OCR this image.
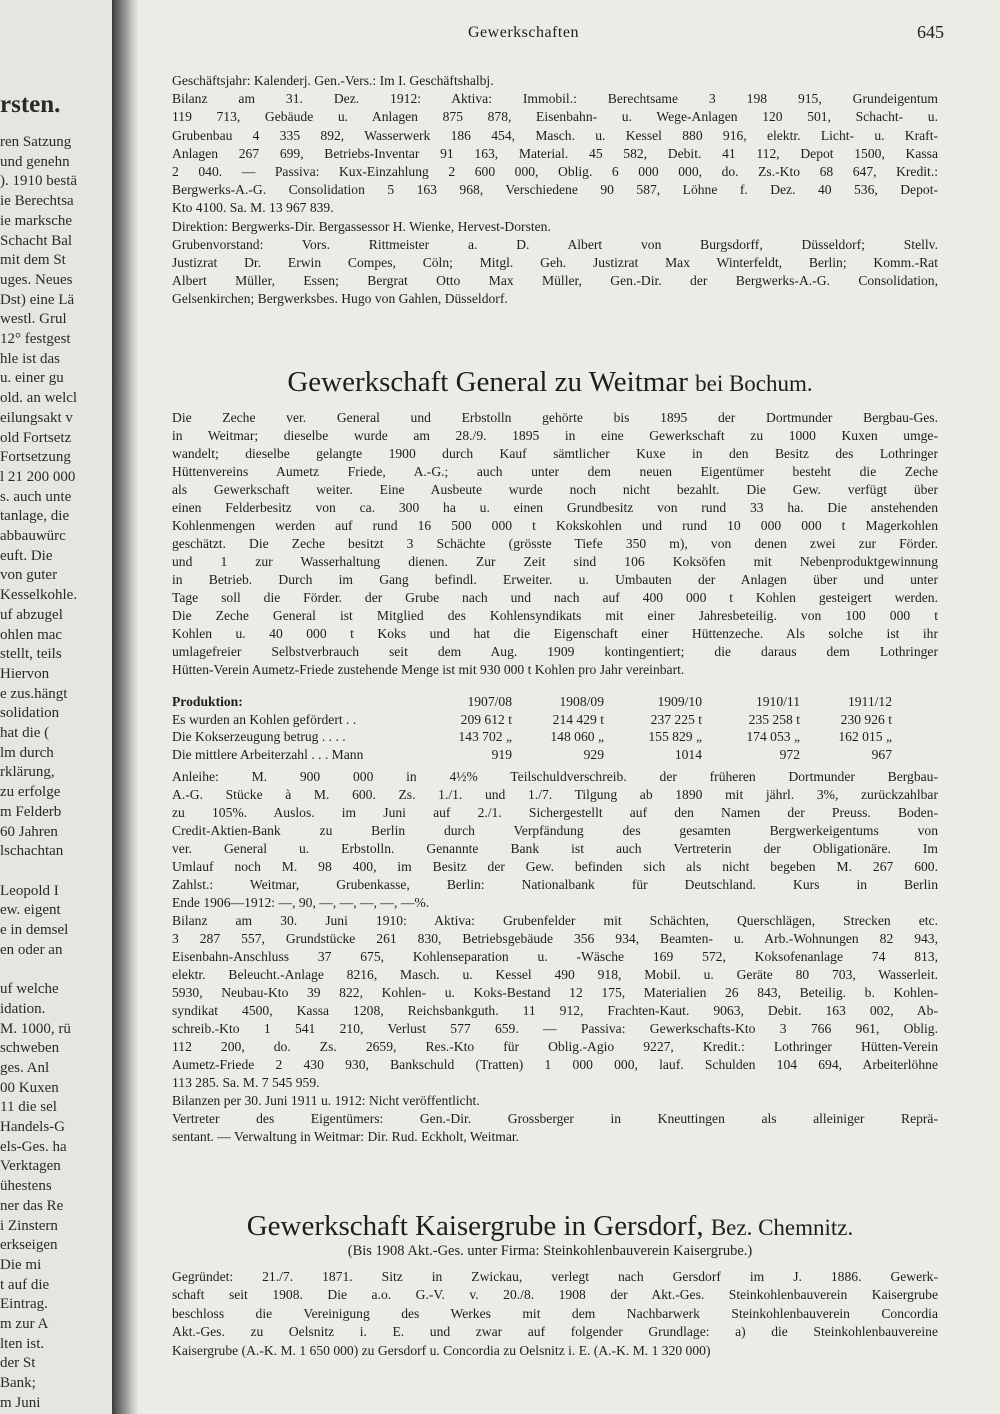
rsten.
ren Satzung
und genehn
). 1910 bestä
ie Berechtsa
ie marksche
Schacht Bal
mit dem St
uges. Neues
Dst) eine Lä
westl. Grul
12° festgest
hle ist das
u. einer gu
old. an welcl
eilungsakt v
old Fortsetz
Fortsetzung
l 21 200 000
s. auch unte
tanlage, die
abbauwürc
euft. Die
von guter
Kesselkohle.
uf abzugel
ohlen mac
stellt, teils
Hiervon
e zus.hängt
solidation
hat die (
lm durch
rklärung,
zu erfolge
m Felderb
60 Jahren
lschachtan
Leopold I
ew. eigent
e in demsel
en oder an
uf welche
idation.
M. 1000, rü
schweben
ges. Anl
00 Kuxen
11 die sel
Handels-G
els-Ges. ha
Verktagen
ühestens
ner das Re
i Zinstern
erkseigen
Die mi
t auf die
Eintrag.
m zur A
lten ist.
der St
Bank;
m Juni
Gewerkschaften	645
Geschäftsjahr: Kalenderj. Gen.-Vers.: Im I. Geschäftshalbj.
Bilanz am 31. Dez. 1912: Aktiva: Immobil.: Berechtsame 3 198 915, Grundeigentum
119 713, Gebäude u. Anlagen 875 878, Eisenbahn- u. Wege-Anlagen 120 501, Schacht- u.
Grubenbau 4 335 892, Wasserwerk 186 454, Masch. u. Kessel 880 916, elektr. Licht- u. Kraft-
Anlagen 267 699, Betriebs-Inventar 91 163, Material. 45 582, Debit. 41 112, Depot 1500, Kassa
2 040. — Passiva: Kux-Einzahlung 2 600 000, Oblig. 6 000 000, do. Zs.-Kto 68 647, Kredit.:
Bergwerks-A.-G. Consolidation 5 163 968, Verschiedene 90 587, Löhne f. Dez. 40 536, Depot-
Kto 4100. Sa. M. 13 967 839.
Direktion: Bergwerks-Dir. Bergassessor H. Wienke, Hervest-Dorsten.
Grubenvorstand: Vors. Rittmeister a. D. Albert von Burgsdorff, Düsseldorf; Stellv.
Justizrat Dr. Erwin Compes, Cöln; Mitgl. Geh. Justizrat Max Winterfeldt, Berlin; Komm.-Rat
Albert Müller, Essen; Bergrat Otto Max Müller, Gen.-Dir. der Bergwerks-A.-G. Consolidation,
Gelsenkirchen; Bergwerksbes. Hugo von Gahlen, Düsseldorf.
Gewerkschaft General zu Weitmar bei Bochum.
Die Zeche ver. General und Erbstolln gehörte bis 1895 der Dortmunder Bergbau-Ges.
in Weitmar; dieselbe wurde am 28./9. 1895 in eine Gewerkschaft zu 1000 Kuxen umge-
wandelt; dieselbe gelangte 1900 durch Kauf sämtlicher Kuxe in den Besitz des Lothringer
Hüttenvereins Aumetz Friede, A.-G.; auch unter dem neuen Eigentümer besteht die Zeche
als Gewerkschaft weiter. Eine Ausbeute wurde noch nicht bezahlt. Die Gew. verfügt über
einen Felderbesitz von ca. 300 ha u. einen Grundbesitz von rund 33 ha. Die anstehenden
Kohlenmengen werden auf rund 16 500 000 t Kokskohlen und rund 10 000 000 t Magerkohlen
geschätzt. Die Zeche besitzt 3 Schächte (grösste Tiefe 350 m), von denen zwei zur Förder.
und 1 zur Wasserhaltung dienen. Zur Zeit sind 106 Koksöfen mit Nebenproduktgewinnung
in Betrieb. Durch im Gang befindl. Erweiter. u. Umbauten der Anlagen über und unter
Tage soll die Förder. der Grube nach und nach auf 400 000 t Kohlen gesteigert werden.
Die Zeche General ist Mitglied des Kohlensyndikats mit einer Jahresbeteilig. von 100 000 t
Kohlen u. 40 000 t Koks und hat die Eigenschaft einer Hüttenzeche. Als solche ist ihr
umlagefreier Selbstverbrauch seit dem Aug. 1909 kontingentiert; die daraus dem Lothringer
Hütten-Verein Aumetz-Friede zustehende Menge ist mit 930 000 t Kohlen pro Jahr vereinbart.
Produktion:	1907/08	1908/09	1909/10	1910/11	1911/12
Es wurden an Kohlen gefördert . .	209 612 t	214 429 t	237 225 t	235 258 t	230 926 t
Die Kokserzeugung betrug . . . .	143 702 „	148 060 „	155 829 „	174 053 „	162 015 „
Die mittlere Arbeiterzahl . . . Mann	919	929	1014	972	967
Anleihe: M. 900 000 in 4½% Teilschuldverschreib. der früheren Dortmunder Bergbau-
A.-G. Stücke à M. 600. Zs. 1./1. und 1./7. Tilgung ab 1890 mit jährl. 3%, zurückzahlbar
zu 105%. Auslos. im Juni auf 2./1. Sichergestellt auf den Namen der Preuss. Boden-
Credit-Aktien-Bank zu Berlin durch Verpfändung des gesamten Bergwerkeigentums von
ver. General u. Erbstolln. Genannte Bank ist auch Vertreterin der Obligationäre. Im
Umlauf noch M. 98 400, im Besitz der Gew. befinden sich als nicht begeben M. 267 600.
Zahlst.: Weitmar, Grubenkasse, Berlin: Nationalbank für Deutschland. Kurs in Berlin
Ende 1906—1912: —, 90, —, —, —, —, —%.
Bilanz am 30. Juni 1910: Aktiva: Grubenfelder mit Schächten, Querschlägen, Strecken etc.
3 287 557, Grundstücke 261 830, Betriebsgebäude 356 934, Beamten- u. Arb.-Wohnungen 82 943,
Eisenbahn-Anschluss 37 675, Kohlenseparation u. -Wäsche 169 572, Koksofenanlage 74 813,
elektr. Beleucht.-Anlage 8216, Masch. u. Kessel 490 918, Mobil. u. Geräte 80 703, Wasserleit.
5930, Neubau-Kto 39 822, Kohlen- u. Koks-Bestand 12 175, Materialien 26 843, Beteilig. b. Kohlen-
syndikat 4500, Kassa 1208, Reichsbankguth. 11 912, Frachten-Kaut. 9063, Debit. 163 002, Ab-
schreib.-Kto 1 541 210, Verlust 577 659. — Passiva: Gewerkschafts-Kto 3 766 961, Oblig.
112 200, do. Zs. 2659, Res.-Kto für Oblig.-Agio 9227, Kredit.: Lothringer Hütten-Verein
Aumetz-Friede 2 430 930, Bankschuld (Tratten) 1 000 000, lauf. Schulden 104 694, Arbeiterlöhne
113 285. Sa. M. 7 545 959.
Bilanzen per 30. Juni 1911 u. 1912: Nicht veröffentlicht.
Vertreter des Eigentümers: Gen.-Dir. Grossberger in Kneuttingen als alleiniger Reprä-
sentant. — Verwaltung in Weitmar: Dir. Rud. Eckholt, Weitmar.
Gewerkschaft Kaisergrube in Gersdorf, Bez. Chemnitz.
(Bis 1908 Akt.-Ges. unter Firma: Steinkohlenbauverein Kaisergrube.)
Gegründet: 21./7. 1871. Sitz in Zwickau, verlegt nach Gersdorf im J. 1886. Gewerk-
schaft seit 1908. Die a.o. G.-V. v. 20./8. 1908 der Akt.-Ges. Steinkohlenbauverein Kaisergrube
beschloss die Vereinigung des Werkes mit dem Nachbarwerk Steinkohlenbauverein Concordia
Akt.-Ges. zu Oelsnitz i. E. und zwar auf folgender Grundlage: a) die Steinkohlenbauvereine
Kaisergrube (A.-K. M. 1 650 000) zu Gersdorf u. Concordia zu Oelsnitz i. E. (A.-K. M. 1 320 000)
